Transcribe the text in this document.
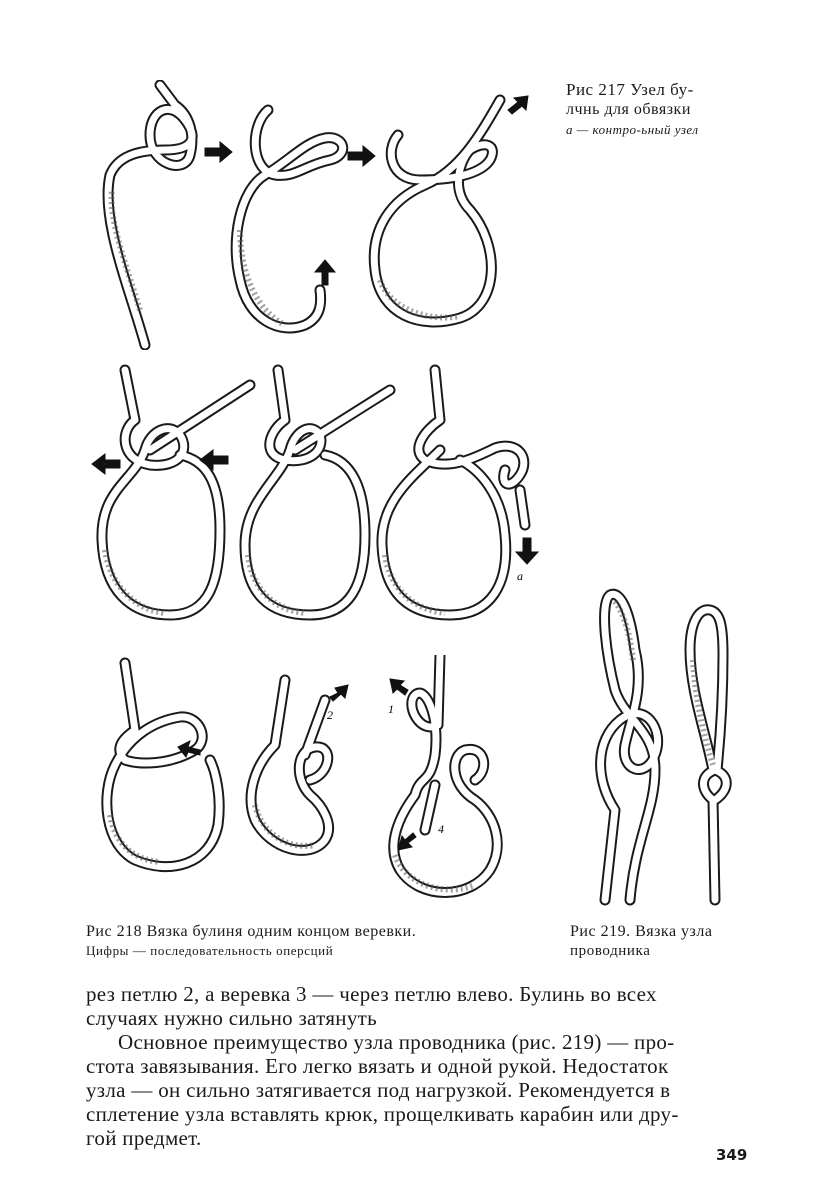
Рис 217 Узел бу-
лчнь для обвязки
а — контро-ьный узел
а
2	1
4
Рис 218 Вязка булиня одним концом веревки.
Цифры — последовательность оперсций
Рис 219. Вязка узла
проводника

рез петлю 2, а веревка 3 — через петлю влево. Булинь во всех

случаях нужно сильно затянуть

Основное преимущество узла проводника (рис. 219) — про-

стота завязывания. Его легко вязать и одной рукой. Недостаток

узла — он сильно затягивается под нагрузкой. Рекомендуется в

сплетение узла вставлять крюк, прощелкивать карабин или дру-

гой предмет.

349
